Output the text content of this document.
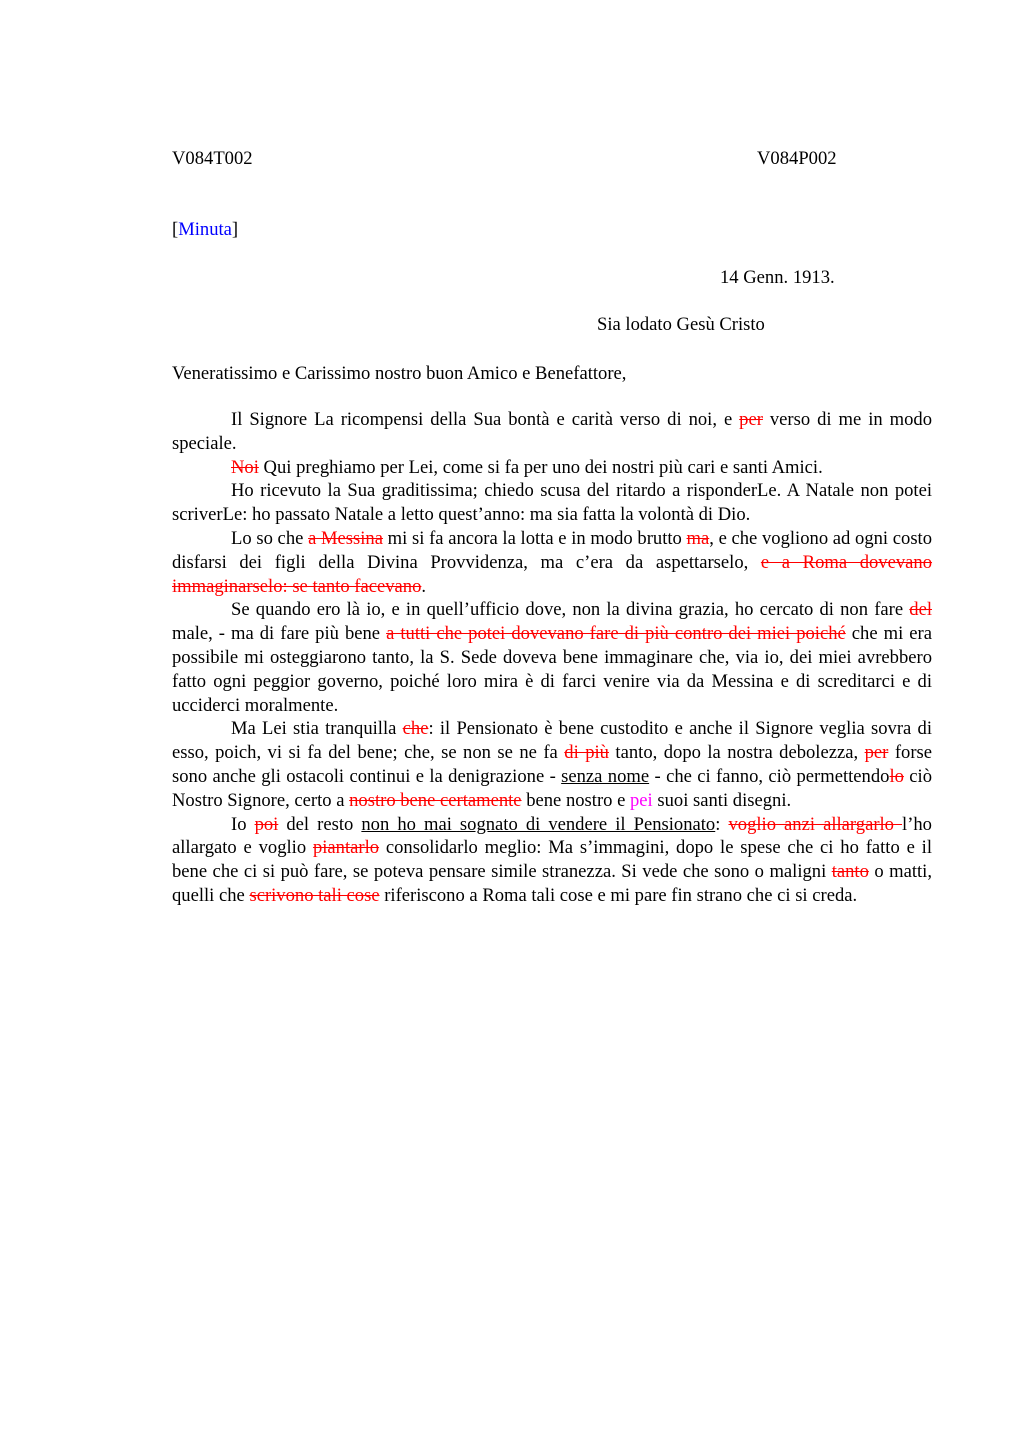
V084T002	V084P002
[Minuta]
14 Genn. 1913.
Sia lodato Gesù Cristo
Veneratissimo e Carissimo nostro buon Amico e Benefattore,

Il Signore La ricompensi della Sua bontà e carità verso di noi, e per verso di me in modo speciale.

Noi Qui preghiamo per Lei, come si fa per uno dei nostri più cari e santi Amici.

Ho ricevuto la Sua graditissima; chiedo scusa del ritardo a risponderLe. A Natale non potei scriverLe: ho passato Natale a letto quest’anno: ma sia fatta la volontà di Dio.

Lo so che a Messina mi si fa ancora la lotta e in modo brutto ma, e che vogliono ad ogni costo disfarsi dei figli della Divina Provvidenza, ma c’era da aspettarselo, e a Roma dovevano immaginarselo: se tanto facevano.

Se quando ero là io, e in quell’ufficio dove, non la divina grazia, ho cercato di non fare del male, - ma di fare più bene a tutti che potei dovevano fare di più contro dei miei poiché che mi era possibile mi osteggiarono tanto, la S. Sede doveva bene immaginare che, via io, dei miei avrebbero fatto ogni peggior governo, poiché loro mira è di farci venire via da Messina e di screditarci e di ucciderci moralmente.

Ma Lei stia tranquilla che: il Pensionato è bene custodito e anche il Signore veglia sovra di esso, poich, vi si fa del bene; che, se non se ne fa di più tanto, dopo la nostra debolezza, per forse sono anche gli ostacoli continui e la denigrazione - senza nome - che ci fanno, ciò permettendolo ciò Nostro Signore, certo a nostro bene certamente bene nostro e pei suoi santi disegni.

Io poi del resto non ho mai sognato di vendere il Pensionato: voglio anzi allargarlo l’ho allargato e voglio piantarlo consolidarlo meglio: Ma s’immagini, dopo le spese che ci ho fatto e il bene che ci si può fare, se poteva pensare simile stranezza. Si vede che sono o maligni tanto o matti, quelli che scrivono tali cose riferiscono a Roma tali cose e mi pare fin strano che ci si creda.
